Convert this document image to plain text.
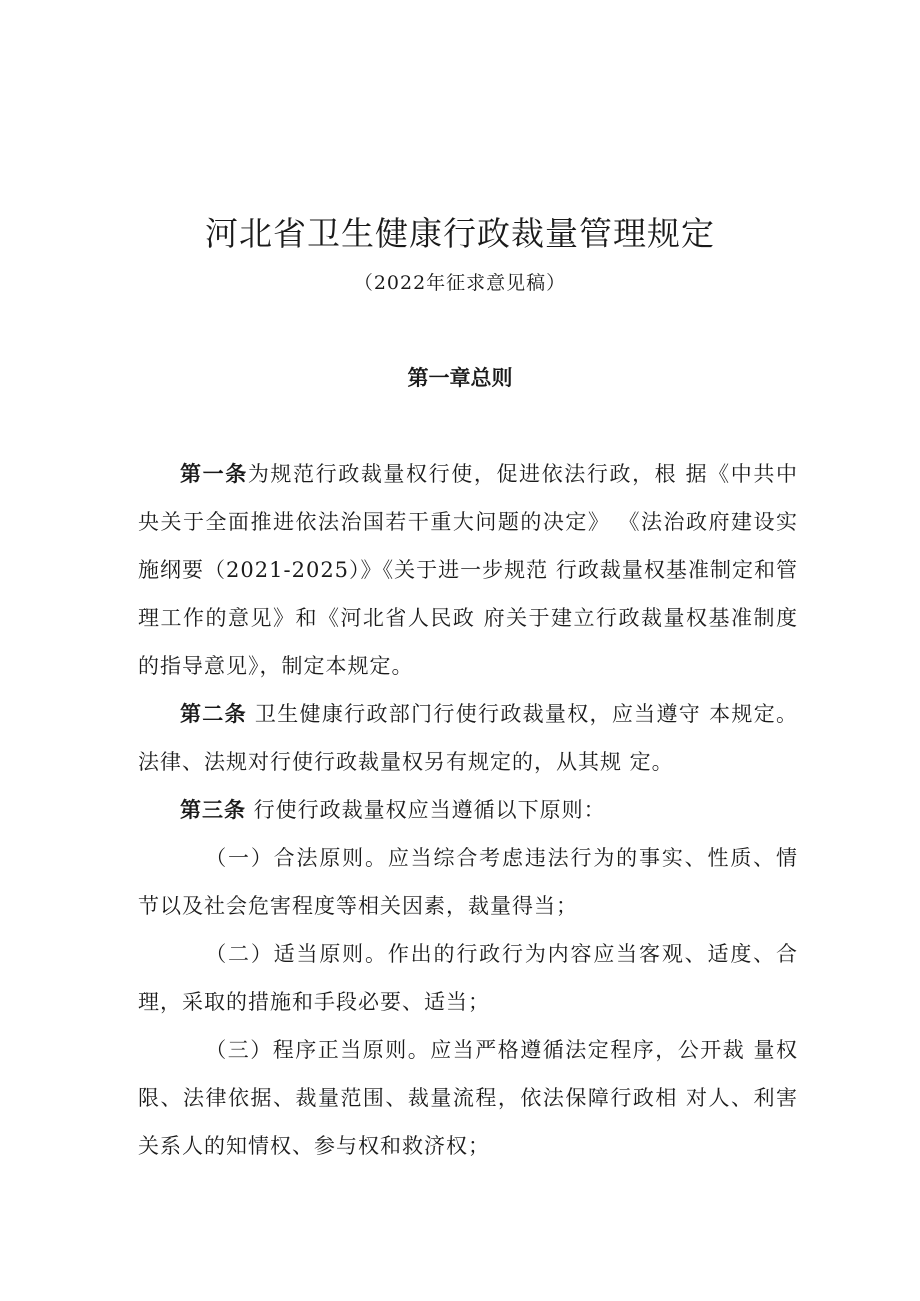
河北省卫生健康行政裁量管理规定
（2022年征求意见稿）
第一章总则

第一条为规范行政裁量权行使，促进依法行政，根 据《中共中央关于全面推进依法治国若干重大问题的决定》 《法治政府建设实施纲要（2021-2025）》《关于进一步规范 行政裁量权基准制定和管理工作的意见》和《河北省人民政 府关于建立行政裁量权基准制度的指导意见》，制定本规定。

第二条 卫生健康行政部门行使行政裁量权，应当遵守 本规定。法律、法规对行使行政裁量权另有规定的，从其规 定。

第三条 行使行政裁量权应当遵循以下原则：

（一）合法原则。应当综合考虑违法行为的事实、性质、情节以及社会危害程度等相关因素，裁量得当；

（二）适当原则。作出的行政行为内容应当客观、适度、合理，采取的措施和手段必要、适当；

（三）程序正当原则。应当严格遵循法定程序，公开裁 量权限、法律依据、裁量范围、裁量流程，依法保障行政相 对人、利害关系人的知情权、参与权和救济权；
